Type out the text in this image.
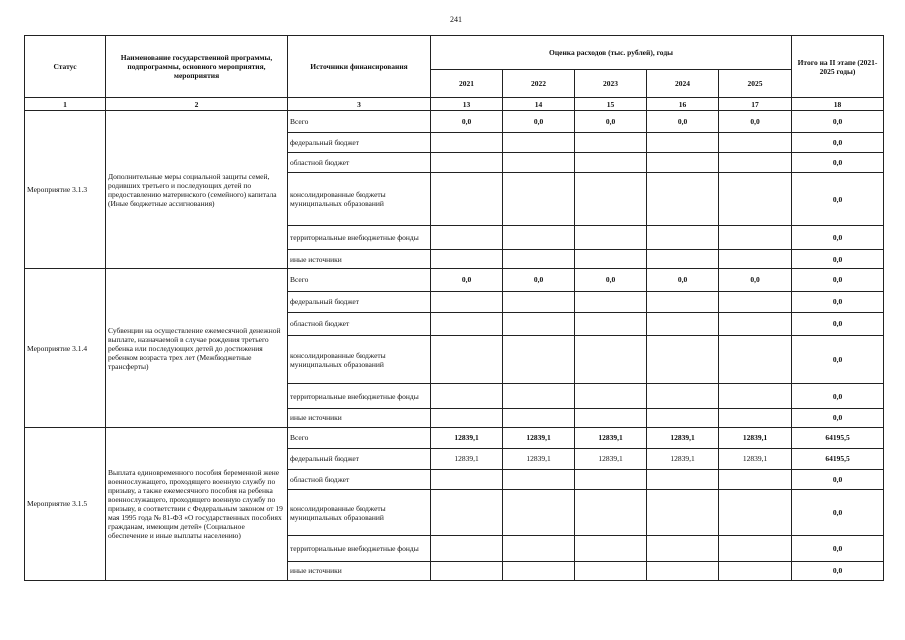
241
Статус	Наименование государственной программы, подпрограммы, основного мероприятия, мероприятия	Источники финансирования	Оценка расходов (тыс. рублей), годы					Итого на II этапе (2021-2025 годы)
			2021	2022	2023	2024	2025	
1	2	3	13	14	15	16	17	18
Мероприятие 3.1.3	Дополнительные меры социальной защиты семей, родивших третьего и последующих детей по предоставлению материнского (семейного) капитала (Иные бюджетные ассигнования)	Всего	0,0	0,0	0,0	0,0	0,0	0,0
		федеральный бюджет						0,0
		областной бюджет						0,0
		консолидированные бюджеты муниципальных образований						0,0
		территориальные внебюджетные фонды						0,0
		иные источники						0,0
Мероприятие 3.1.4	Субвенции на осуществление ежемесячной денежной выплате, назначаемой в случае рождения третьего ребенка или последующих детей до достижения ребенком возраста трех лет (Межбюджетные трансферты)	Всего	0,0	0,0	0,0	0,0	0,0	0,0
		федеральный бюджет						0,0
		областной бюджет						0,0
		консолидированные бюджеты муниципальных образований						0,0
		территориальные внебюджетные фонды						0,0
		иные источники						0,0
Мероприятие 3.1.5	Выплата единовременного пособия беременной жене военнослужащего, проходящего военную службу по призыву, а также ежемесячного пособия на ребенка военнослужащего, проходящего военную службу по призыву, в соответствии с Федеральным законом от 19 мая 1995 года № 81-ФЗ «О государственных пособиях гражданам, имеющим детей» (Социальное обеспечение и иные выплаты населению)	Всего	12839,1	12839,1	12839,1	12839,1	12839,1	64195,5
		федеральный бюджет	12839,1	12839,1	12839,1	12839,1	12839,1	64195,5
		областной бюджет						0,0
		консолидированные бюджеты муниципальных образований						0,0
		территориальные внебюджетные фонды						0,0
		иные источники						0,0
